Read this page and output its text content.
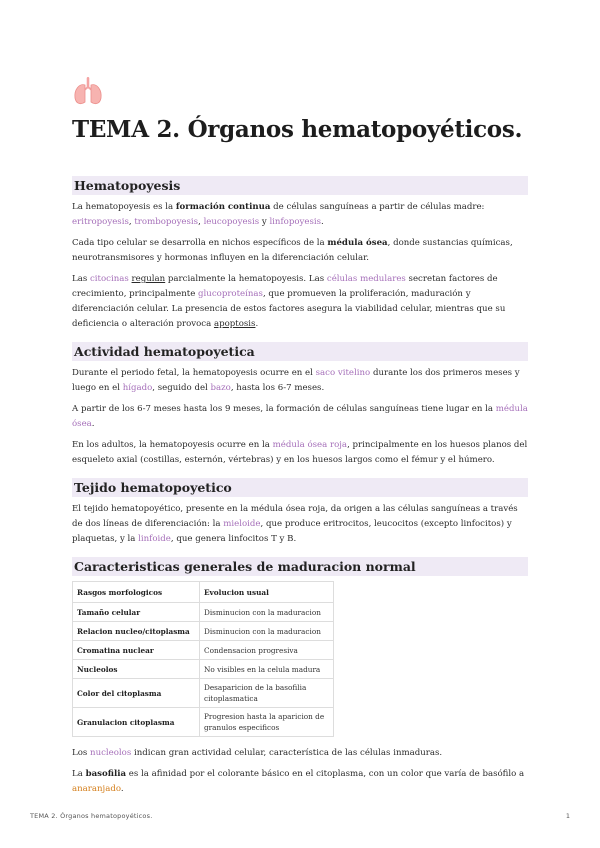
TEMA 2. Órganos hematopoyéticos.
Hematopoyesis

La hematopoyesis es la formación continua de células sanguíneas a partir de células madre:
eritropoyesis, trombopoyesis, leucopoyesis y linfopoyesis.

Cada tipo celular se desarrolla en nichos específicos de la médula ósea, donde sustancias químicas, neurotransmisores y hormonas influyen en la diferenciación celular.

Las citocinas regulan parcialmente la hematopoyesis. Las células medulares secretan factores de crecimiento, principalmente glucoproteínas, que promueven la proliferación, maduración y diferenciación celular. La presencia de estos factores asegura la viabilidad celular, mientras que su deficiencia o alteración provoca apoptosis.

Actividad hematopoyetica

Durante el periodo fetal, la hematopoyesis ocurre en el saco vitelino durante los dos primeros meses y luego en el hígado, seguido del bazo, hasta los 6-7 meses.

A partir de los 6-7 meses hasta los 9 meses, la formación de células sanguíneas tiene lugar en la médula ósea.

En los adultos, la hematopoyesis ocurre en la médula ósea roja, principalmente en los huesos planos del esqueleto axial (costillas, esternón, vértebras) y en los huesos largos como el fémur y el húmero.

Tejido hematopoyetico

El tejido hematopoyético, presente en la médula ósea roja, da origen a las células sanguíneas a través de dos líneas de diferenciación: la mieloide, que produce eritrocitos, leucocitos (excepto linfocitos) y plaquetas, y la linfoide, que genera linfocitos T y B.

Caracteristicas generales de maduracion normal
Rasgos morfologicos	Evolucion usual
Tamaño celular	Disminucion con la maduracion
Relacion nucleo/citoplasma	Disminucion con la maduracion
Cromatina nuclear	Condensacion progresiva
Nucleolos	No visibles en la celula madura
Color del citoplasma	Desaparicion de la basofilia citoplasmatica
Granulacion citoplasma	Progresion hasta la aparicion de granulos especificos

Los nucleolos indican gran actividad celular, característica de las células inmaduras.

La basofilia es la afinidad por el colorante básico en el citoplasma, con un color que varía de basófilo a anaranjado.

TEMA 2. Órganos hematopoyéticos.	1
